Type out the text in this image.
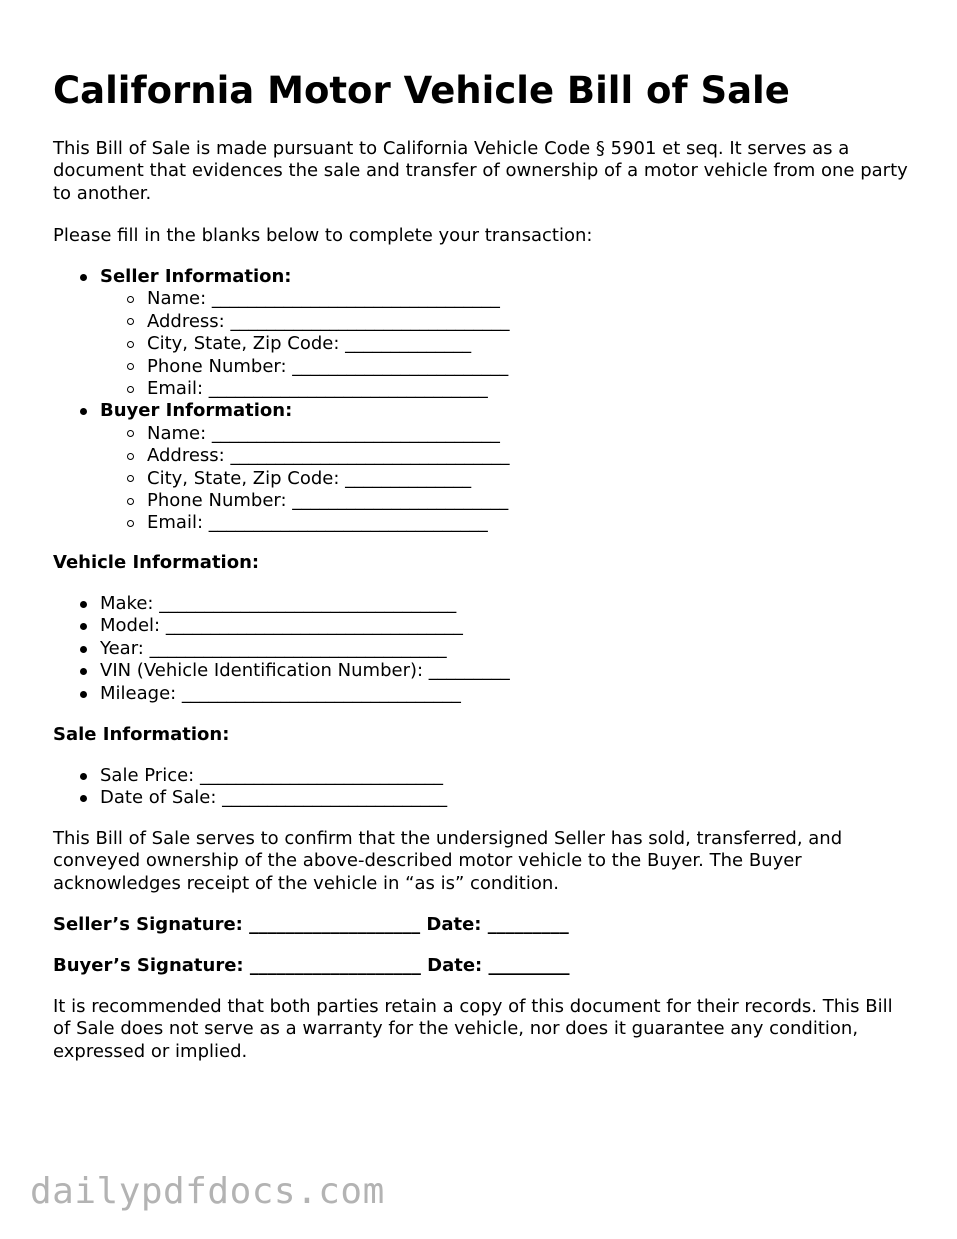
California Motor Vehicle Bill of Sale

This Bill of Sale is made pursuant to California Vehicle Code § 5901 et seq. It serves as a document that evidences the sale and transfer of ownership of a motor vehicle from one party to another.

Please fill in the blanks below to complete your transaction:

Seller Information:
Name: ________________________________
Address: _______________________________
City, State, Zip Code: ______________
Phone Number: ________________________
Email: _______________________________
Buyer Information:
Name: ________________________________
Address: _______________________________
City, State, Zip Code: ______________
Phone Number: ________________________
Email: _______________________________

Vehicle Information:

Make: _________________________________
Model: _________________________________
Year: _________________________________
VIN (Vehicle Identification Number): _________
Mileage: _______________________________

Sale Information:

Sale Price: ___________________________
Date of Sale: _________________________

This Bill of Sale serves to confirm that the undersigned Seller has sold, transferred, and conveyed ownership of the above-described motor vehicle to the Buyer. The Buyer acknowledges receipt of the vehicle in “as is” condition.

Seller’s Signature: ___________________ Date: _________

Buyer’s Signature: ___________________ Date: _________

It is recommended that both parties retain a copy of this document for their records. This Bill of Sale does not serve as a warranty for the vehicle, nor does it guarantee any condition, expressed or implied.

dailypdfdocs.com
